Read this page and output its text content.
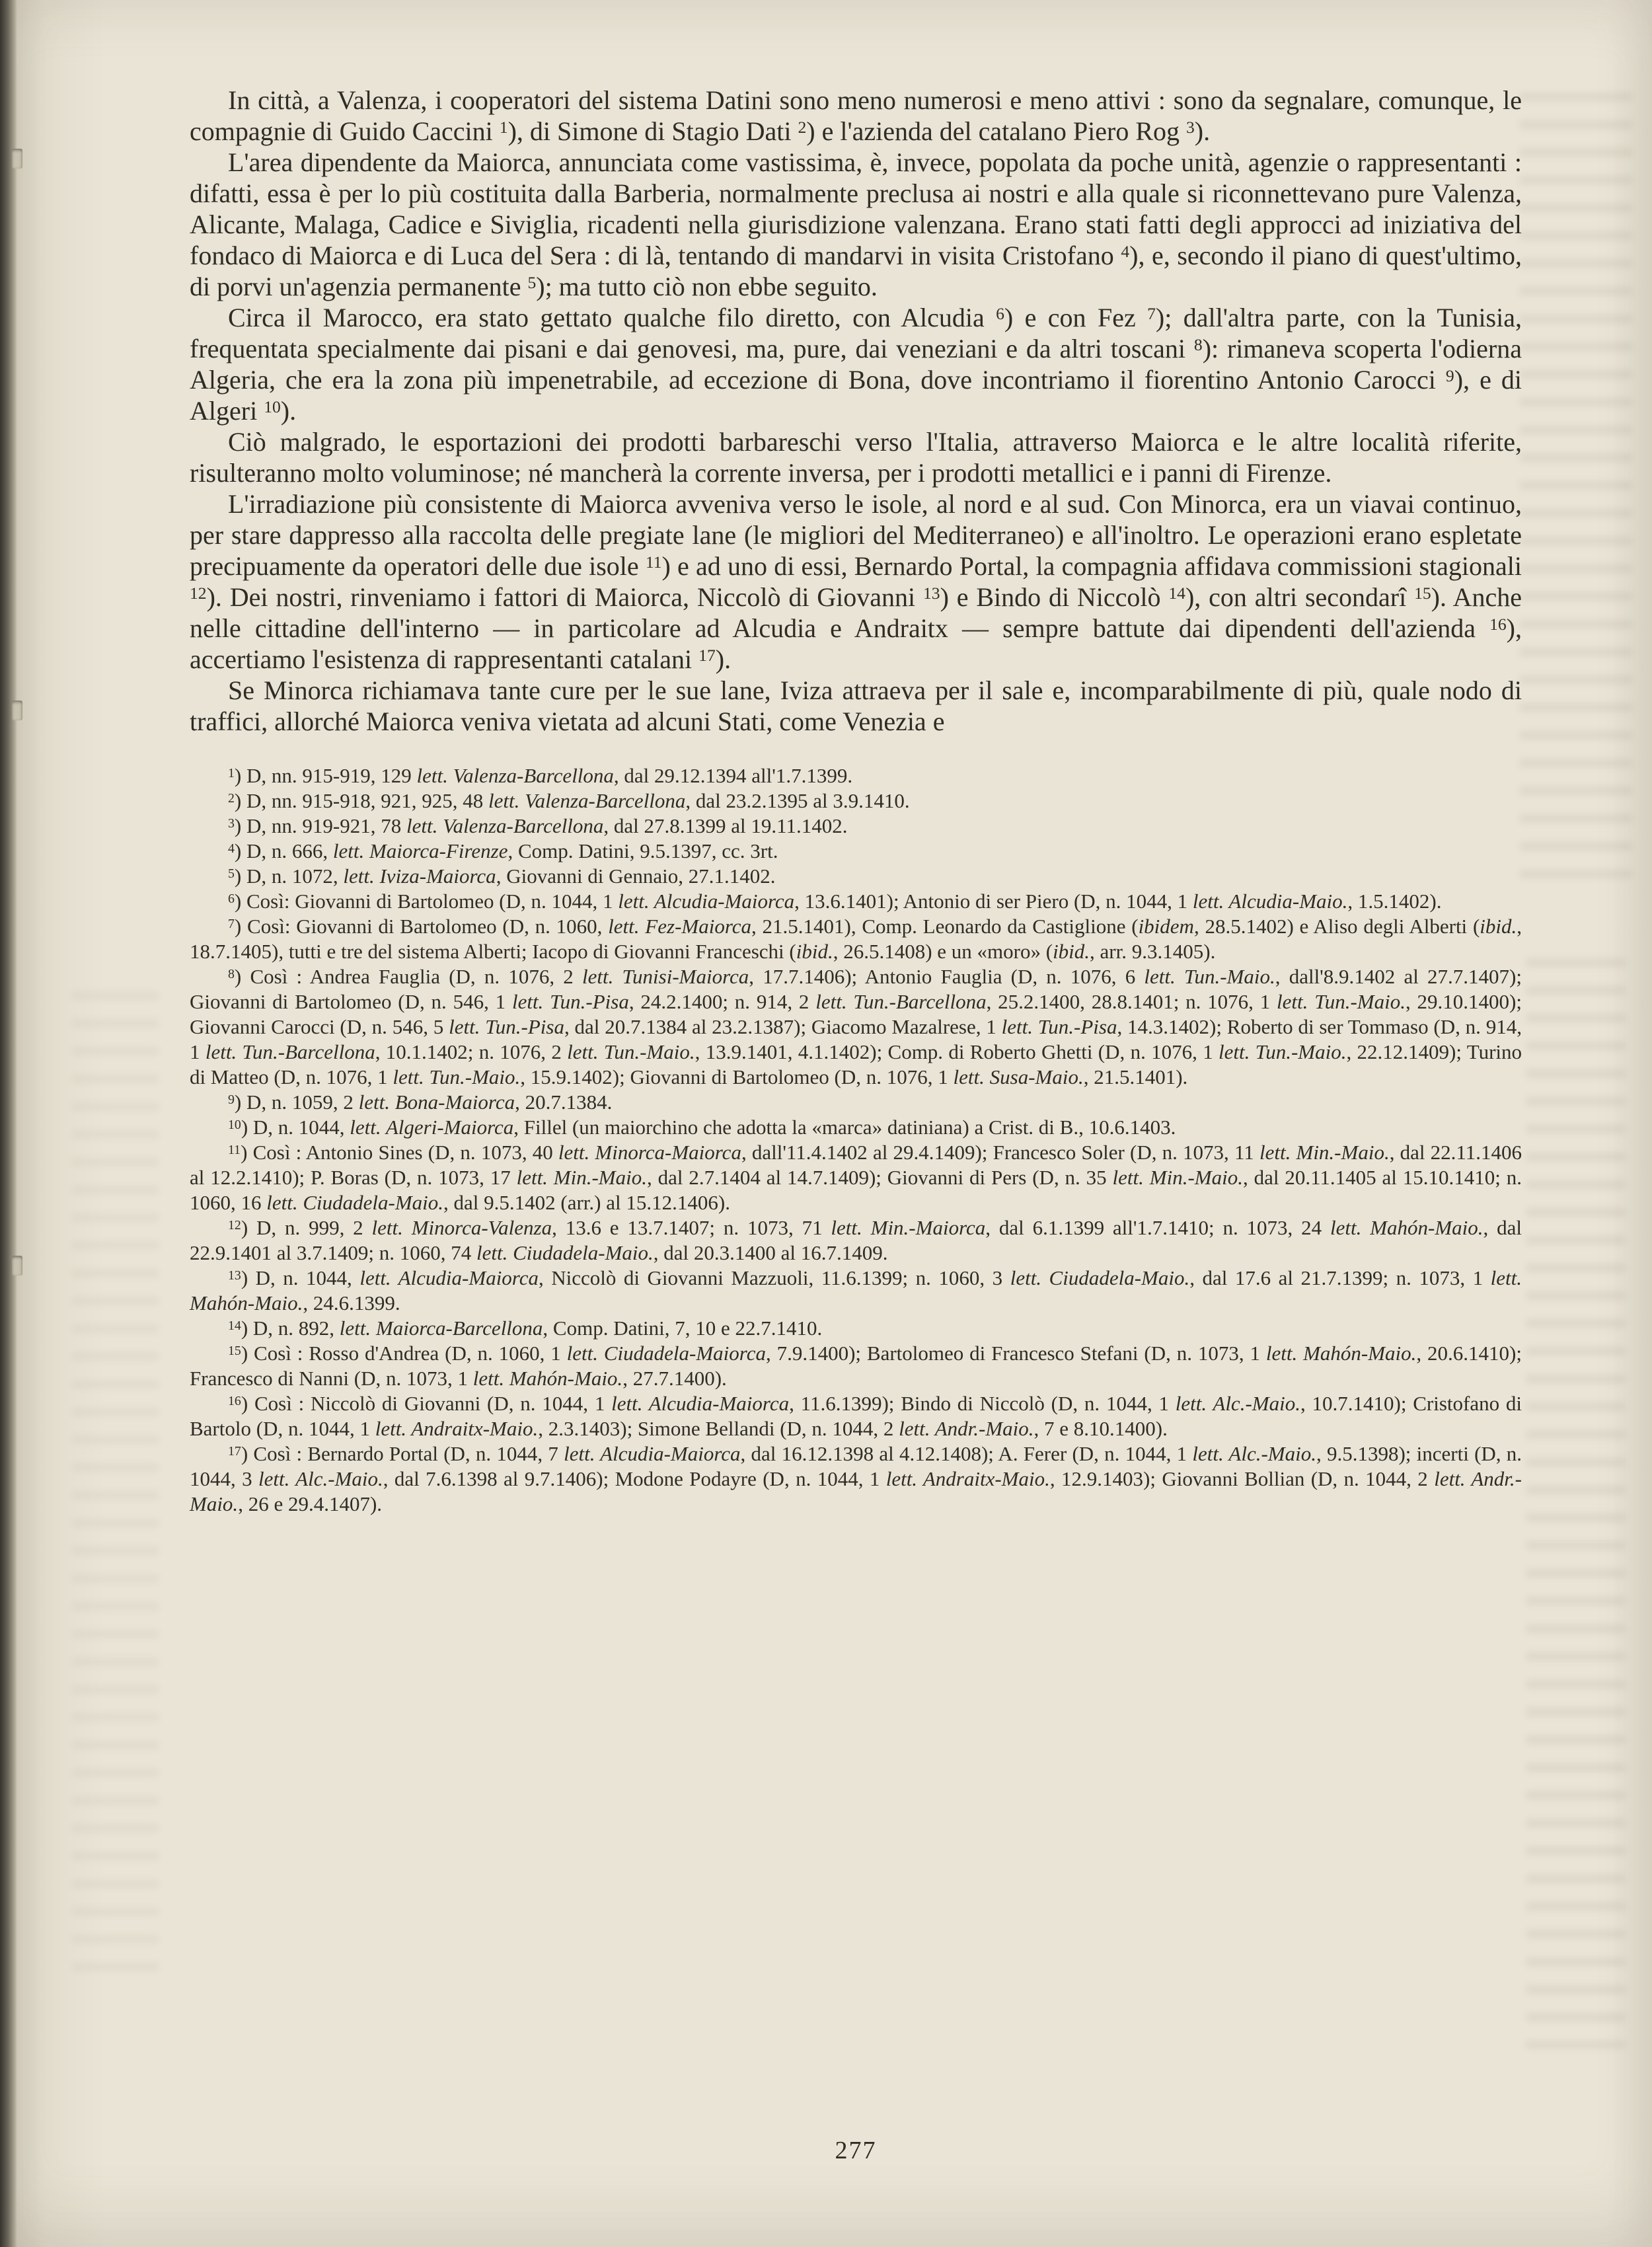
In città, a Valenza, i cooperatori del sistema Datini sono meno numerosi e meno attivi : sono da segnalare, comunque, le compagnie di Guido Caccini $^1$), di Simone di Stagio Dati $^2$) e l'azienda del catalano Piero Rog $^3$).

L'area dipendente da Maiorca, annunciata come vastissima, è, invece, popolata da poche unità, agenzie o rappresentanti : difatti, essa è per lo più costituita dalla Barberia, normalmente preclusa ai nostri e alla quale si riconnettevano pure Valenza, Alicante, Malaga, Cadice e Siviglia, ricadenti nella giurisdizione valenzana. Erano stati fatti degli approcci ad iniziativa del fondaco di Maiorca e di Luca del Sera : di là, tentando di mandarvi in visita Cristofano $^4$), e, secondo il piano di quest'ultimo, di porvi un'agenzia permanente $^5$); ma tutto ciò non ebbe seguito.

Circa il Marocco, era stato gettato qualche filo diretto, con Alcudia $^6$) e con Fez $^7$); dall'altra parte, con la Tunisia, frequentata specialmente dai pisani e dai genovesi, ma, pure, dai veneziani e da altri toscani $^8$): rimaneva scoperta l'odierna Algeria, che era la zona più impenetrabile, ad eccezione di Bona, dove incontriamo il fiorentino Antonio Carocci $^9$), e di Algeri $^{10}$).

Ciò malgrado, le esportazioni dei prodotti barbareschi verso l'Italia, attraverso Maiorca e le altre località riferite, risulteranno molto voluminose; né mancherà la corrente inversa, per i prodotti metallici e i panni di Firenze.

L'irradiazione più consistente di Maiorca avveniva verso le isole, al nord e al sud. Con Minorca, era un viavai continuo, per stare dappresso alla raccolta delle pregiate lane (le migliori del Mediterraneo) e all'inoltro. Le operazioni erano espletate precipuamente da operatori delle due isole $^{11}$) e ad uno di essi, Bernardo Portal, la compagnia affidava commissioni stagionali $^{12}$). Dei nostri, rinveniamo i fattori di Maiorca, Niccolò di Giovanni $^{13}$) e Bindo di Niccolò $^{14}$), con altri secondarî $^{15}$). Anche nelle cittadine dell'interno — in particolare ad Alcudia e Andraitx — sempre battute dai dipendenti dell'azienda $^{16}$), accertiamo l'esistenza di rappresentanti catalani $^{17}$).

Se Minorca richiamava tante cure per le sue lane, Iviza attraeva per il sale e, incomparabilmente di più, quale nodo di traffici, allorché Maiorca veniva vietata ad alcuni Stati, come Venezia e

$^1$) D, nn. 915-919, 129 lett. Valenza-Barcellona, dal 29.12.1394 all'1.7.1399.

$^2$) D, nn. 915-918, 921, 925, 48 lett. Valenza-Barcellona, dal 23.2.1395 al 3.9.1410.

$^3$) D, nn. 919-921, 78 lett. Valenza-Barcellona, dal 27.8.1399 al 19.11.1402.

$^4$) D, n. 666, lett. Maiorca-Firenze, Comp. Datini, 9.5.1397, cc. 3rt.

$^5$) D, n. 1072, lett. Iviza-Maiorca, Giovanni di Gennaio, 27.1.1402.

$^6$) Così: Giovanni di Bartolomeo (D, n. 1044, 1 lett. Alcudia-Maiorca, 13.6.1401); Antonio di ser Piero (D, n. 1044, 1 lett. Alcudia-Maio., 1.5.1402).

$^7$) Così: Giovanni di Bartolomeo (D, n. 1060, lett. Fez-Maiorca, 21.5.1401), Comp. Leonardo da Castiglione (ibidem, 28.5.1402) e Aliso degli Alberti (ibid., 18.7.1405), tutti e tre del sistema Alberti; Iacopo di Giovanni Franceschi (ibid., 26.5.1408) e un «moro» (ibid., arr. 9.3.1405).

$^8$) Così : Andrea Fauglia (D, n. 1076, 2 lett. Tunisi-Maiorca, 17.7.1406); Antonio Fauglia (D, n. 1076, 6 lett. Tun.-Maio., dall'8.9.1402 al 27.7.1407); Giovanni di Bartolomeo (D, n. 546, 1 lett. Tun.-Pisa, 24.2.1400; n. 914, 2 lett. Tun.-Barcellona, 25.2.1400, 28.8.1401; n. 1076, 1 lett. Tun.-Maio., 29.10.1400); Giovanni Carocci (D, n. 546, 5 lett. Tun.-Pisa, dal 20.7.1384 al 23.2.1387); Giacomo Mazalrese, 1 lett. Tun.-Pisa, 14.3.1402); Roberto di ser Tommaso (D, n. 914, 1 lett. Tun.-Barcellona, 10.1.1402; n. 1076, 2 lett. Tun.-Maio., 13.9.1401, 4.1.1402); Comp. di Roberto Ghetti (D, n. 1076, 1 lett. Tun.-Maio., 22.12.1409); Turino di Matteo (D, n. 1076, 1 lett. Tun.-Maio., 15.9.1402); Giovanni di Bartolomeo (D, n. 1076, 1 lett. Susa-Maio., 21.5.1401).

$^9$) D, n. 1059, 2 lett. Bona-Maiorca, 20.7.1384.

$^{10}$) D, n. 1044, lett. Algeri-Maiorca, Fillel (un maiorchino che adotta la «marca» datiniana) a Crist. di B., 10.6.1403.

$^{11}$) Così : Antonio Sines (D, n. 1073, 40 lett. Minorca-Maiorca, dall'11.4.1402 al 29.4.1409); Francesco Soler (D, n. 1073, 11 lett. Min.-Maio., dal 22.11.1406 al 12.2.1410); P. Boras (D, n. 1073, 17 lett. Min.-Maio., dal 2.7.1404 al 14.7.1409); Giovanni di Pers (D, n. 35 lett. Min.-Maio., dal 20.11.1405 al 15.10.1410; n. 1060, 16 lett. Ciudadela-Maio., dal 9.5.1402 (arr.) al 15.12.1406).

$^{12}$) D, n. 999, 2 lett. Minorca-Valenza, 13.6 e 13.7.1407; n. 1073, 71 lett. Min.-Maiorca, dal 6.1.1399 all'1.7.1410; n. 1073, 24 lett. Mahón-Maio., dal 22.9.1401 al 3.7.1409; n. 1060, 74 lett. Ciudadela-Maio., dal 20.3.1400 al 16.7.1409.

$^{13}$) D, n. 1044, lett. Alcudia-Maiorca, Niccolò di Giovanni Mazzuoli, 11.6.1399; n. 1060, 3 lett. Ciudadela-Maio., dal 17.6 al 21.7.1399; n. 1073, 1 lett. Mahón-Maio., 24.6.1399.

$^{14}$) D, n. 892, lett. Maiorca-Barcellona, Comp. Datini, 7, 10 e 22.7.1410.

$^{15}$) Così : Rosso d'Andrea (D, n. 1060, 1 lett. Ciudadela-Maiorca, 7.9.1400); Bartolomeo di Francesco Stefani (D, n. 1073, 1 lett. Mahón-Maio., 20.6.1410); Francesco di Nanni (D, n. 1073, 1 lett. Mahón-Maio., 27.7.1400).

$^{16}$) Così : Niccolò di Giovanni (D, n. 1044, 1 lett. Alcudia-Maiorca, 11.6.1399); Bindo di Niccolò (D, n. 1044, 1 lett. Alc.-Maio., 10.7.1410); Cristofano di Bartolo (D, n. 1044, 1 lett. Andraitx-Maio., 2.3.1403); Simone Bellandi (D, n. 1044, 2 lett. Andr.-Maio., 7 e 8.10.1400).

$^{17}$) Così : Bernardo Portal (D, n. 1044, 7 lett. Alcudia-Maiorca, dal 16.12.1398 al 4.12.1408); A. Ferer (D, n. 1044, 1 lett. Alc.-Maio., 9.5.1398); incerti (D, n. 1044, 3 lett. Alc.-Maio., dal 7.6.1398 al 9.7.1406); Modone Podayre (D, n. 1044, 1 lett. Andraitx-Maio., 12.9.1403); Giovanni Bollian (D, n. 1044, 2 lett. Andr.-Maio., 26 e 29.4.1407).

277
